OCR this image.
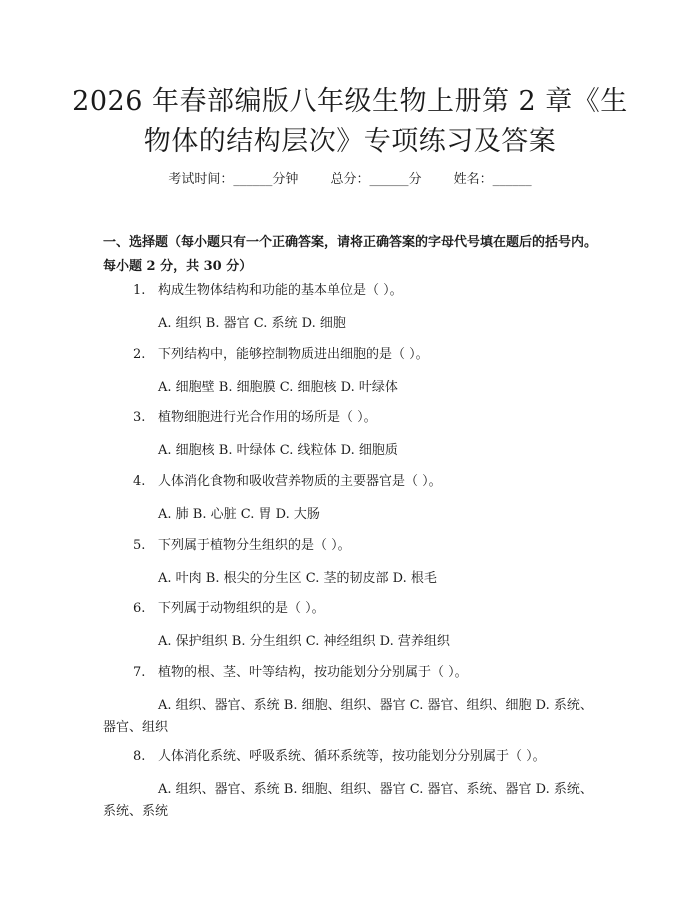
2026 年春部编版八年级生物上册第 2 章《生
物体的结构层次》专项练习及答案
考试时间：______分钟 总分：______分 姓名：______
一、选择题（每小题只有一个正确答案，请将正确答案的字母代号填在题后的括号内。每小题 2 分，共 30 分）
1. 构成生物体结构和功能的基本单位是（ ）。
A. 组织 B. 器官 C. 系统 D. 细胞
2. 下列结构中，能够控制物质进出细胞的是（ ）。
A. 细胞壁 B. 细胞膜 C. 细胞核 D. 叶绿体
3. 植物细胞进行光合作用的场所是（ ）。
A. 细胞核 B. 叶绿体 C. 线粒体 D. 细胞质
4. 人体消化食物和吸收营养物质的主要器官是（ ）。
A. 肺 B. 心脏 C. 胃 D. 大肠
5. 下列属于植物分生组织的是（ ）。
A. 叶肉 B. 根尖的分生区 C. 茎的韧皮部 D. 根毛
6. 下列属于动物组织的是（ ）。
A. 保护组织 B. 分生组织 C. 神经组织 D. 营养组织
7. 植物的根、茎、叶等结构，按功能划分分别属于（ ）。
A. 组织、器官、系统 B. 细胞、组织、器官 C. 器官、组织、细胞 D. 系统、器官、组织
8. 人体消化系统、呼吸系统、循环系统等，按功能划分分别属于（ ）。
A. 组织、器官、系统 B. 细胞、组织、器官 C. 器官、系统、器官 D. 系统、系统、系统
